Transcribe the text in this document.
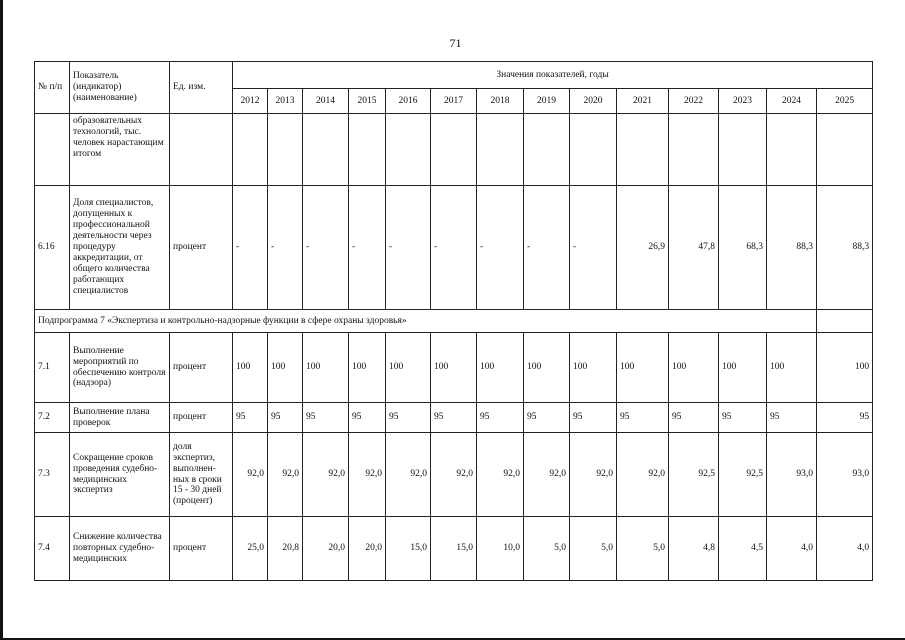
71
№ п/п	Показатель (индикатор) (наименование)	Ед. изм.	Значения показателей, годы													
			2012	2013	2014	2015	2016	2017	2018	2019	2020	2021	2022	2023	2024	2025
	образовательных технологий, тыс. человек нарастающим итогом															
6.16	Доля специалистов, допущенных к профессиональной деятельности через процедуру аккредитации, от общего количества работающих специалистов	процент	-	-	-	-	-	-	-	-	-	26,9	47,8	68,3	88,3	88,3
Подпрограмма 7 «Экспертиза и контрольно-надзорные функции в сфере охраны здоровья»																
7.1	Выполнение мероприятий по обеспечению контроля (надзора)	процент	100	100	100	100	100	100	100	100	100	100	100	100	100	100
7.2	Выполнение плана проверок	процент	95	95	95	95	95	95	95	95	95	95	95	95	95	95
7.3	Сокращение сроков проведения судебно-медицинских экспертиз	доля экспертиз, выполнен-ных в сроки 15 - 30 дней (процент)	92,0	92,0	92,0	92,0	92,0	92,0	92,0	92,0	92,0	92,0	92,5	92,5	93,0	93,0
7.4	Снижение количества повторных судебно-медицинских	процент	25,0	20,8	20,0	20,0	15,0	15,0	10,0	5,0	5,0	5,0	4,8	4,5	4,0	4,0
